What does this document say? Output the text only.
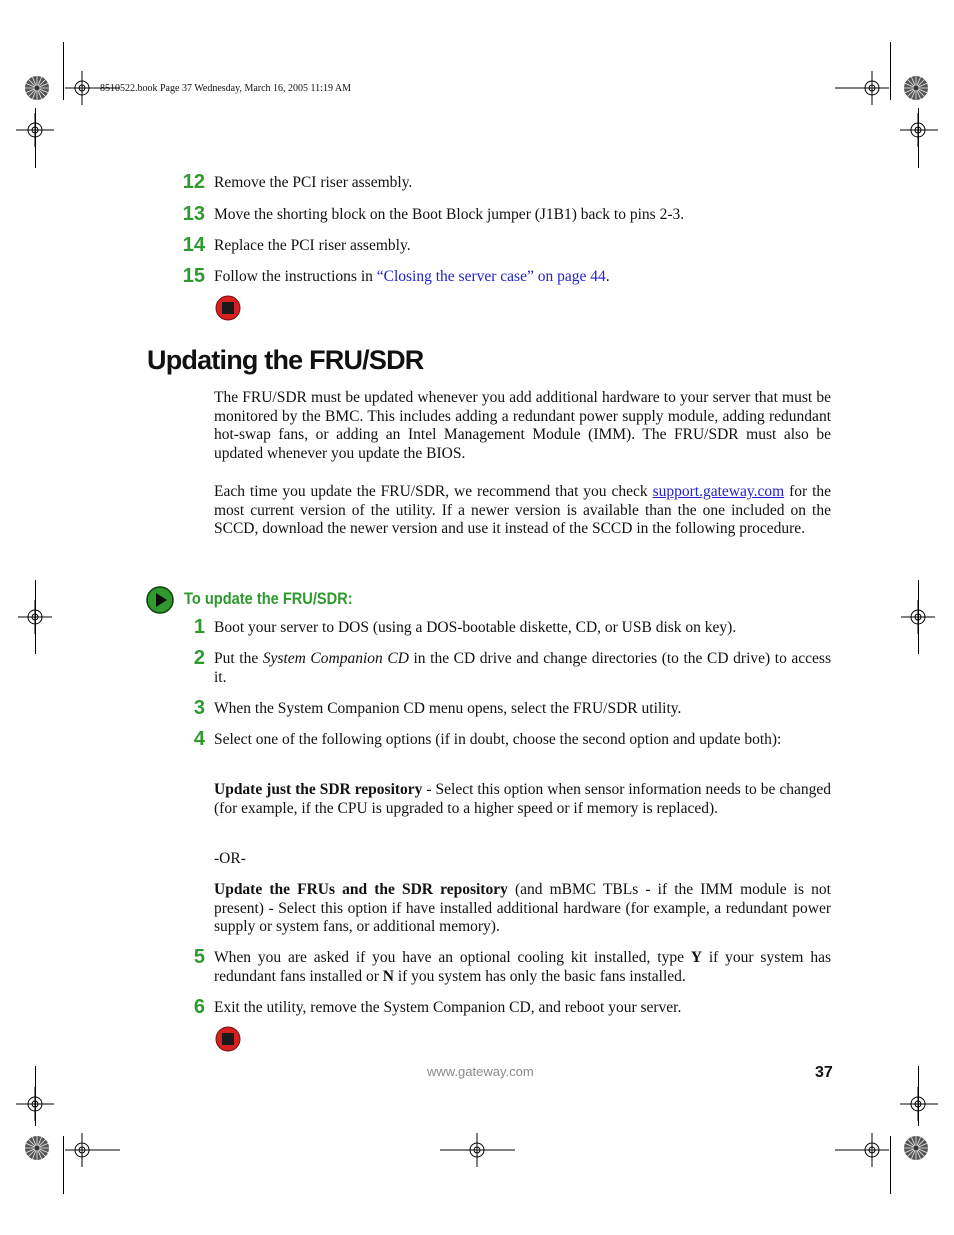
8510522.book Page 37 Wednesday, March 16, 2005 11:19 AM
12 Remove the PCI riser assembly.
13 Move the shorting block on the Boot Block jumper (J1B1) back to pins 2-3.
14 Replace the PCI riser assembly.
15 Follow the instructions in “Closing the server case” on page 44.
Updating the FRU/SDR
The FRU/SDR must be updated whenever you add additional hardware to your server that must be monitored by the BMC. This includes adding a redundant power supply module, adding redundant hot-swap fans, or adding an Intel Management Module (IMM). The FRU/SDR must also be updated whenever you update the BIOS.
Each time you update the FRU/SDR, we recommend that you check support.gateway.com for the most current version of the utility. If a newer version is available than the one included on the SCCD, download the newer version and use it instead of the SCCD in the following procedure.
To update the FRU/SDR:
1 Boot your server to DOS (using a DOS-bootable diskette, CD, or USB disk on key).
2 Put the System Companion CD in the CD drive and change directories (to the CD drive) to access it.
3 When the System Companion CD menu opens, select the FRU/SDR utility.
4 Select one of the following options (if in doubt, choose the second option and update both):
Update just the SDR repository - Select this option when sensor information needs to be changed (for example, if the CPU is upgraded to a higher speed or if memory is replaced).
-OR-
Update the FRUs and the SDR repository (and mBMC TBLs - if the IMM module is not present) - Select this option if have installed additional hardware (for example, a redundant power supply or system fans, or additional memory).
5 When you are asked if you have an optional cooling kit installed, type Y if your system has redundant fans installed or N if you system has only the basic fans installed.
6 Exit the utility, remove the System Companion CD, and reboot your server.
www.gateway.com	37
